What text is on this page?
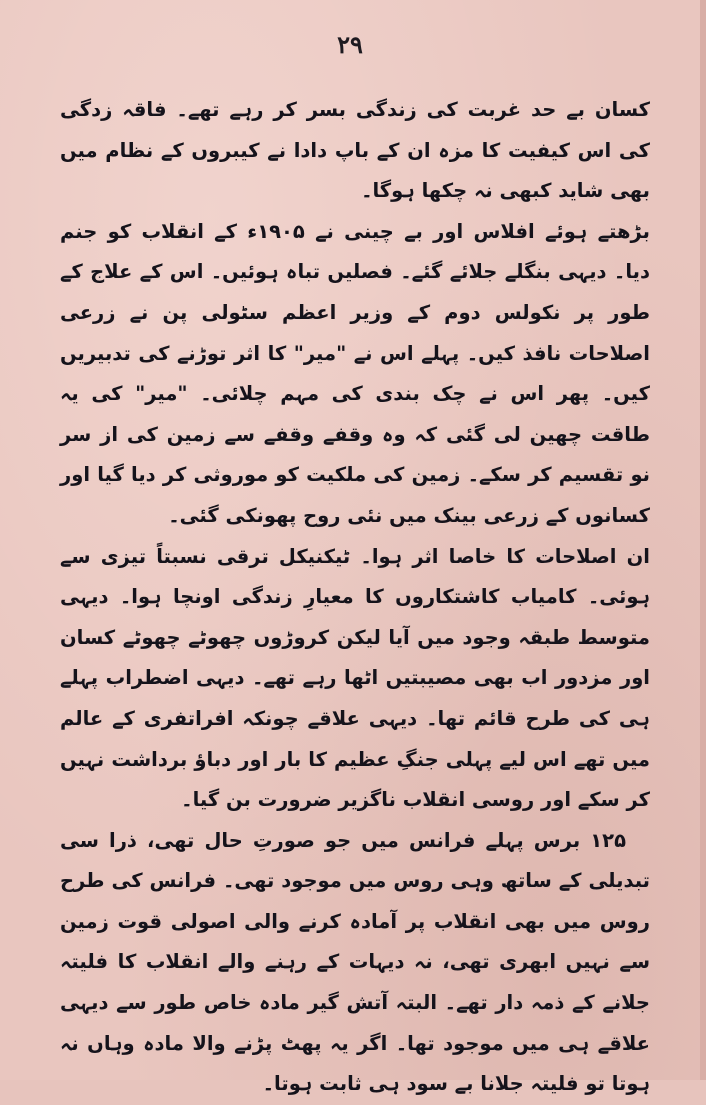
۲۹

کسان بے حد غربت کی زندگی بسر کر رہے تھے۔ فاقہ زدگی کی اس کیفیت کا مزہ ان کے باپ دادا نے کیبروں کے نظام میں بھی شاید کبھی نہ چکھا ہوگا۔

بڑھتے ہوئے افلاس اور بے چینی نے ۱۹۰۵ء کے انقلاب کو جنم دیا۔ دیہی بنگلے جلائے گئے۔ فصلیں تباہ ہوئیں۔ اس کے علاج کے طور پر نکولس دوم کے وزیر اعظم سٹولی پن نے زرعی اصلاحات نافذ کیں۔ پہلے اس نے "میر" کا اثر توڑنے کی تدبیریں کیں۔ پھر اس نے چک بندی کی مہم چلائی۔ "میر" کی یہ طاقت چھین لی گئی کہ وہ وقفے وقفے سے زمین کی از سر نو تقسیم کر سکے۔ زمین کی ملکیت کو موروثی کر دیا گیا اور کسانوں کے زرعی بینک میں نئی روح پھونکی گئی۔

ان اصلاحات کا خاصا اثر ہوا۔ ٹیکنیکل ترقی نسبتاً تیزی سے ہوئی۔ کامیاب کاشتکاروں کا معیارِ زندگی اونچا ہوا۔ دیہی متوسط طبقہ وجود میں آیا لیکن کروڑوں چھوٹے چھوٹے کسان اور مزدور اب بھی مصیبتیں اٹھا رہے تھے۔ دیہی اضطراب پہلے ہی کی طرح قائم تھا۔ دیہی علاقے چونکہ افراتفری کے عالم میں تھے اس لیے پہلی جنگِ عظیم کا بار اور دباؤ برداشت نہیں کر سکے اور روسی انقلاب ناگزیر ضرورت بن گیا۔

۱۲۵ برس پہلے فرانس میں جو صورتِ حال تھی، ذرا سی تبدیلی کے ساتھ وہی روس میں موجود تھی۔ فرانس کی طرح روس میں بھی انقلاب پر آمادہ کرنے والی اصولی قوت زمین سے نہیں ابھری تھی، نہ دیہات کے رہنے والے انقلاب کا فلیتہ جلانے کے ذمہ دار تھے۔ البتہ آتش گیر مادہ خاص طور سے دیہی علاقے ہی میں موجود تھا۔ اگر یہ پھٹ پڑنے والا مادہ وہاں نہ ہوتا تو فلیتہ جلانا بے سود ہی ثابت ہوتا۔
